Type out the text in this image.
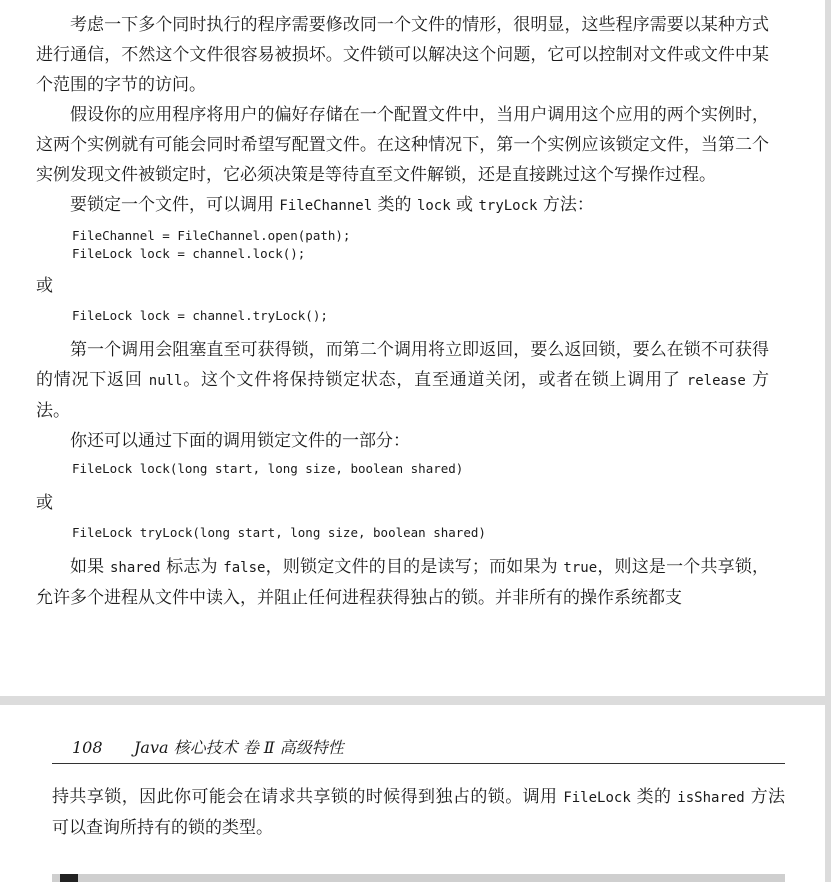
考虑一下多个同时执行的程序需要修改同一个文件的情形，很明显，这些程序需要以某种方式进行通信，不然这个文件很容易被损坏。文件锁可以解决这个问题，它可以控制对文件或文件中某个范围的字节的访问。

假设你的应用程序将用户的偏好存储在一个配置文件中，当用户调用这个应用的两个实例时，这两个实例就有可能会同时希望写配置文件。在这种情况下，第一个实例应该锁定文件，当第二个实例发现文件被锁定时，它必须决策是等待直至文件解锁，还是直接跳过这个写操作过程。

要锁定一个文件，可以调用 FileChannel 类的 lock 或 tryLock 方法：

FileChannel = FileChannel.open(path);
FileLock lock = channel.lock();

或

FileLock lock = channel.tryLock();

第一个调用会阻塞直至可获得锁，而第二个调用将立即返回，要么返回锁，要么在锁不可获得的情况下返回 null。这个文件将保持锁定状态，直至通道关闭，或者在锁上调用了 release 方法。

你还可以通过下面的调用锁定文件的一部分：

FileLock lock(long start, long size, boolean shared)

或

FileLock tryLock(long start, long size, boolean shared)

如果 shared 标志为 false，则锁定文件的目的是读写；而如果为 true，则这是一个共享锁，允许多个进程从文件中读入，并阻止任何进程获得独占的锁。并非所有的操作系统都支

108	Java 核心技术 卷 Ⅱ 高级特性

持共享锁，因此你可能会在请求共享锁的时候得到独占的锁。调用 FileLock 类的 isShared 方法可以查询所持有的锁的类型。
